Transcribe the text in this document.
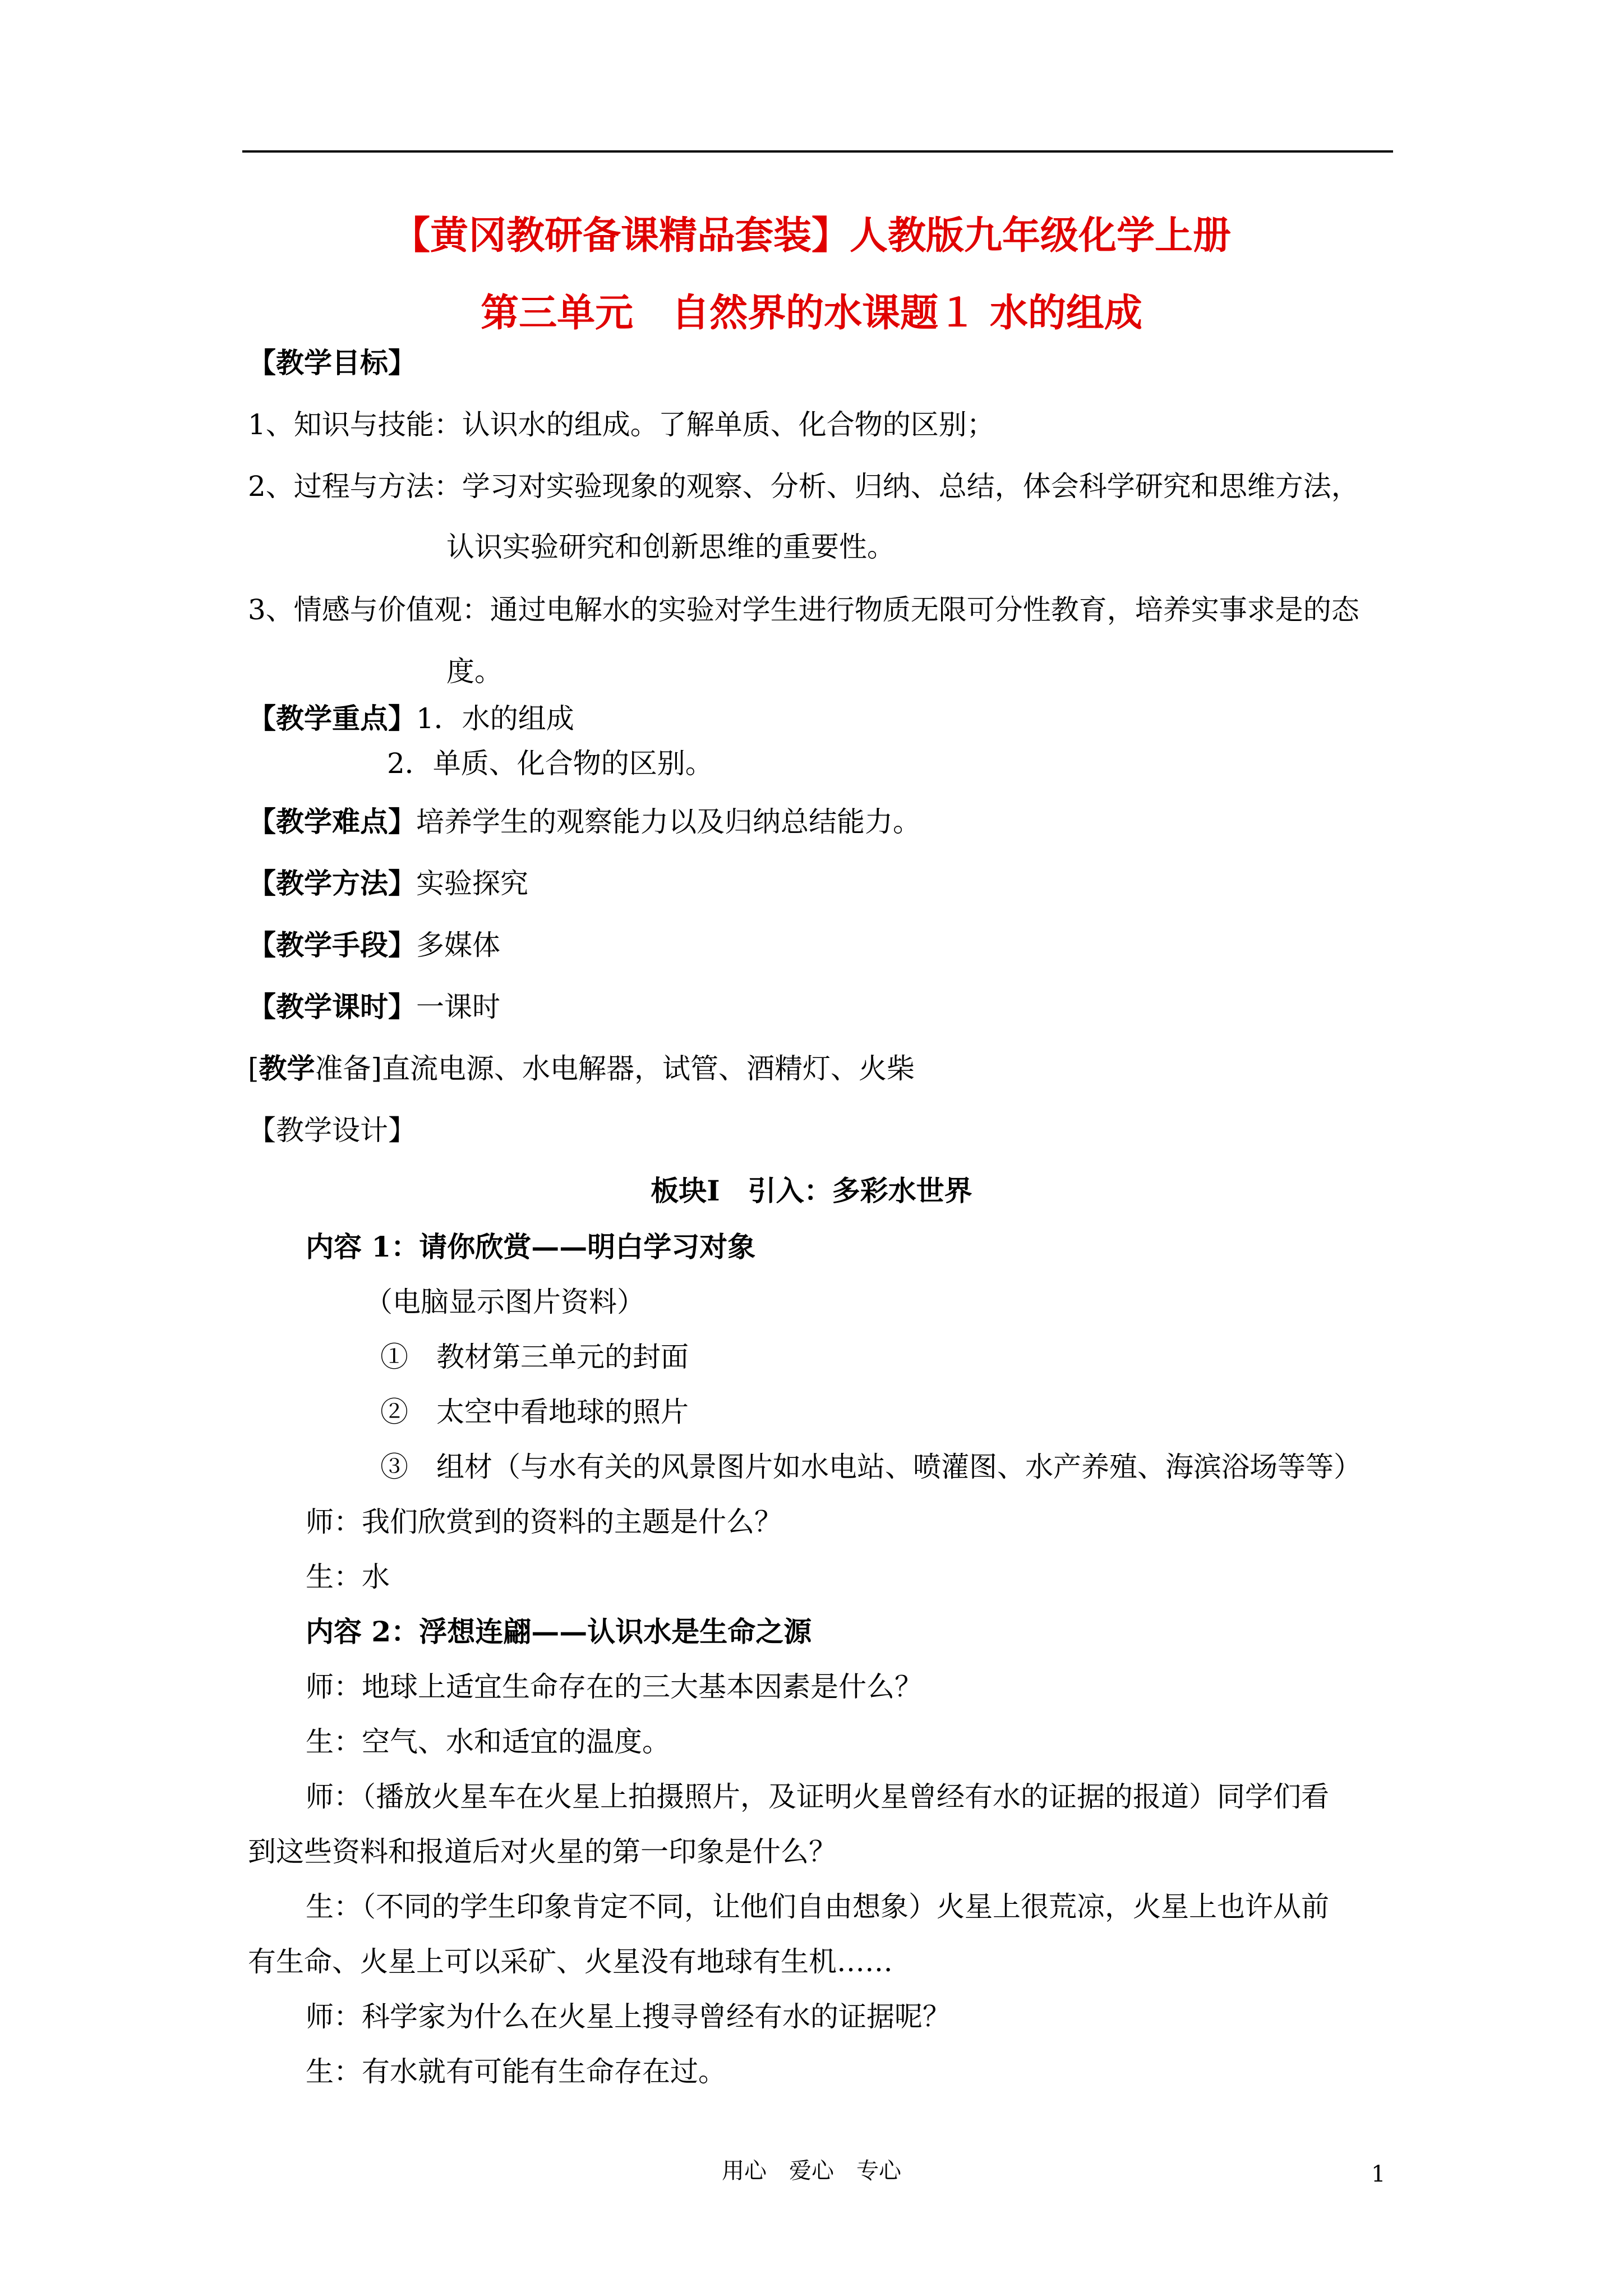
【黄冈教研备课精品套装】人教版九年级化学上册
第三单元　自然界的水课题１ 水的组成
【教学目标】
1、知识与技能：认识水的组成。了解单质、化合物的区别；
2、过程与方法：学习对实验现象的观察、分析、归纳、总结，体会科学研究和思维方法，
认识实验研究和创新思维的重要性。
3、情感与价值观：通过电解水的实验对学生进行物质无限可分性教育，培养实事求是的态
度。
【教学重点】1．水的组成
2．单质、化合物的区别。
【教学难点】培养学生的观察能力以及归纳总结能力。
【教学方法】实验探究
【教学手段】多媒体
【教学课时】一课时
[教学准备]直流电源、水电解器，试管、酒精灯、火柴
【教学设计】
板块Ⅰ　引入：多彩水世界
内容 1：请你欣赏——明白学习对象
（电脑显示图片资料）
①　教材第三单元的封面
②　太空中看地球的照片
③　组材（与水有关的风景图片如水电站、喷灌图、水产养殖、海滨浴场等等）
师：我们欣赏到的资料的主题是什么？
生：水
内容 2：浮想连翩——认识水是生命之源
师：地球上适宜生命存在的三大基本因素是什么？
生：空气、水和适宜的温度。
师：（播放火星车在火星上拍摄照片，及证明火星曾经有水的证据的报道）同学们看
到这些资料和报道后对火星的第一印象是什么？
生：（不同的学生印象肯定不同，让他们自由想象）火星上很荒凉，火星上也许从前
有生命、火星上可以采矿、火星没有地球有生机……
师：科学家为什么在火星上搜寻曾经有水的证据呢？
生：有水就有可能有生命存在过。
用心　爱心　专心	1
